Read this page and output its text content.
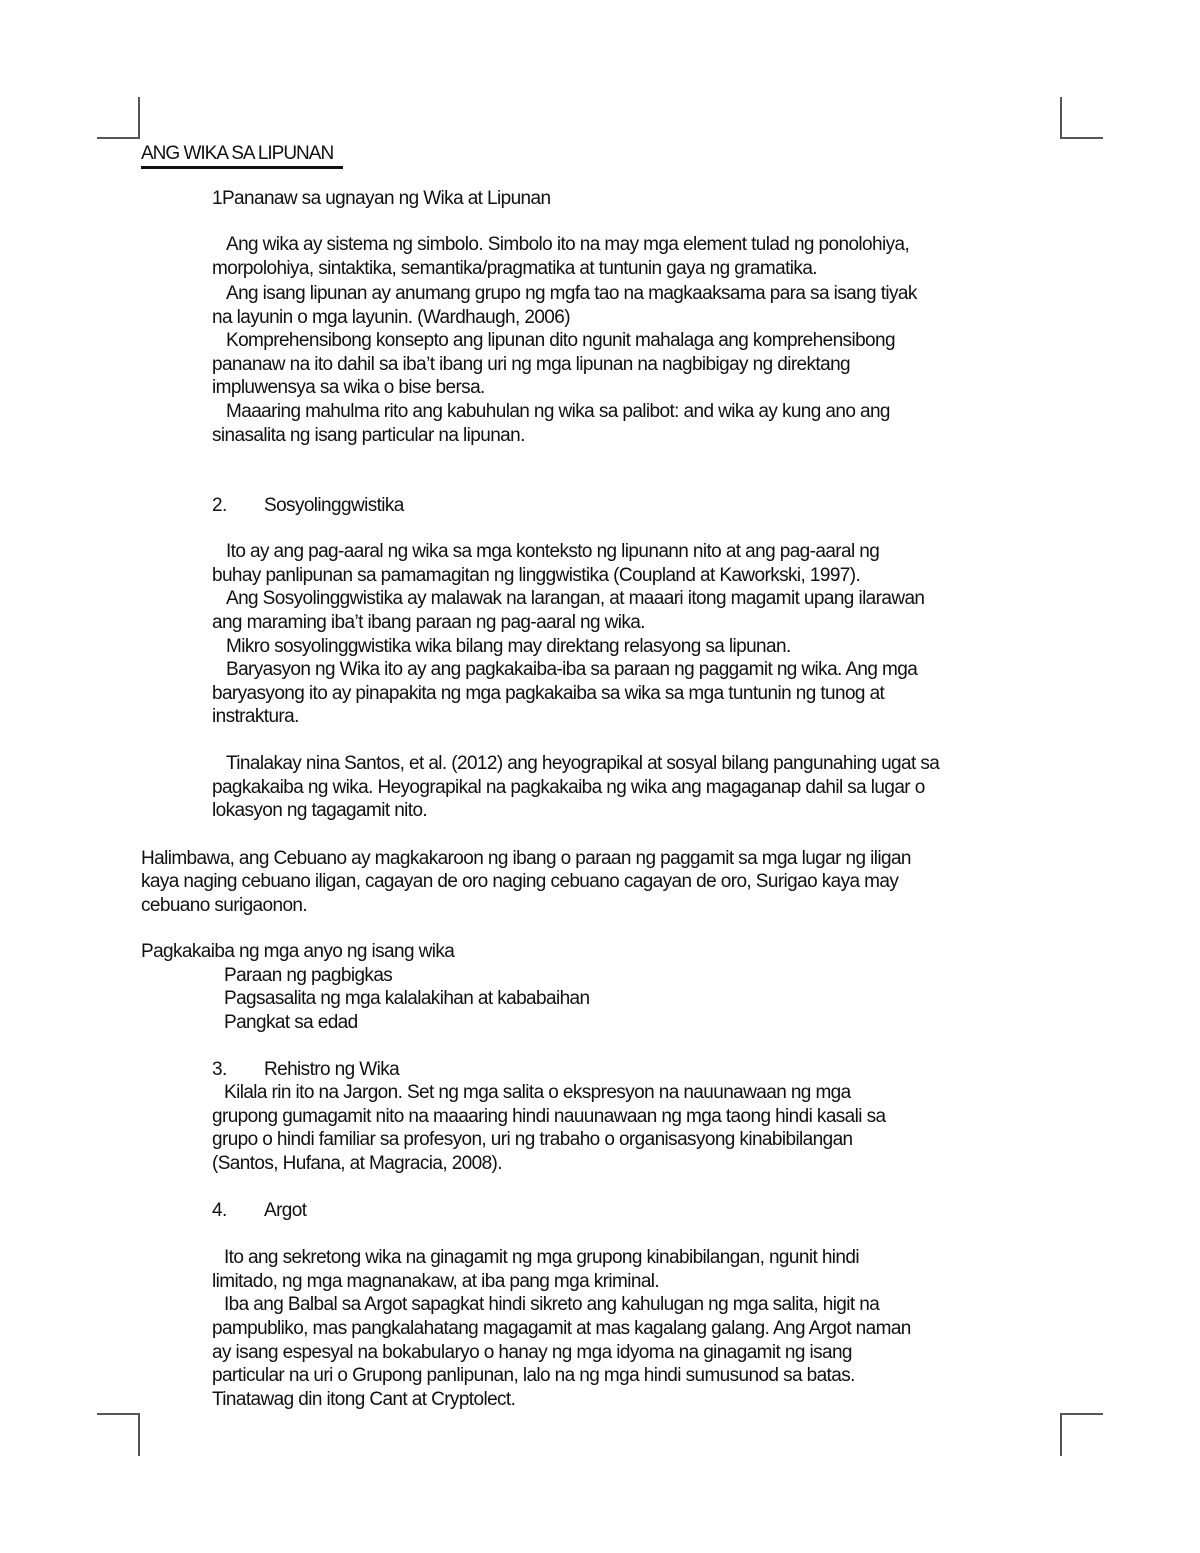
ANG WIKA SA LIPUNAN
1Pananaw sa ugnayan ng Wika at Lipunan
Ang wika ay sistema ng simbolo. Simbolo ito na may mga element tulad ng ponolohiya,
morpolohiya, sintaktika, semantika/pragmatika at tuntunin gaya ng gramatika.
Ang isang lipunan ay anumang grupo ng mgfa tao na magkaaksama para sa isang tiyak
na layunin o mga layunin. (Wardhaugh, 2006)
Komprehensibong konsepto ang lipunan dito ngunit mahalaga ang komprehensibong
pananaw na ito dahil sa iba’t ibang uri ng mga lipunan na nagbibigay ng direktang
impluwensya sa wika o bise bersa.
Maaaring mahulma rito ang kabuhulan ng wika sa palibot: and wika ay kung ano ang
sinasalita ng isang particular na lipunan.
2. Sosyolinggwistika
Ito ay ang pag-aaral ng wika sa mga konteksto ng lipunann nito at ang pag-aaral ng
buhay panlipunan sa pamamagitan ng linggwistika (Coupland at Kaworkski, 1997).
Ang Sosyolinggwistika ay malawak na larangan, at maaari itong magamit upang ilarawan
ang maraming iba’t ibang paraan ng pag-aaral ng wika.
Mikro sosyolinggwistika wika bilang may direktang relasyong sa lipunan.
Baryasyon ng Wika ito ay ang pagkakaiba-iba sa paraan ng paggamit ng wika. Ang mga
baryasyong ito ay pinapakita ng mga pagkakaiba sa wika sa mga tuntunin ng tunog at
instraktura.
Tinalakay nina Santos, et al. (2012) ang heyograpikal at sosyal bilang pangunahing ugat sa
pagkakaiba ng wika. Heyograpikal na pagkakaiba ng wika ang magaganap dahil sa lugar o
lokasyon ng tagagamit nito.
Halimbawa, ang Cebuano ay magkakaroon ng ibang o paraan ng paggamit sa mga lugar ng iligan
kaya naging cebuano iligan, cagayan de oro naging cebuano cagayan de oro, Surigao kaya may
cebuano surigaonon.
Pagkakaiba ng mga anyo ng isang wika
Paraan ng pagbigkas
Pagsasalita ng mga kalalakihan at kababaihan
Pangkat sa edad
3. Rehistro ng Wika
Kilala rin ito na Jargon. Set ng mga salita o ekspresyon na nauunawaan ng mga
grupong gumagamit nito na maaaring hindi nauunawaan ng mga taong hindi kasali sa
grupo o hindi familiar sa profesyon, uri ng trabaho o organisasyong kinabibilangan
(Santos, Hufana, at Magracia, 2008).
4. Argot
Ito ang sekretong wika na ginagamit ng mga grupong kinabibilangan, ngunit hindi
limitado, ng mga magnanakaw, at iba pang mga kriminal.
Iba ang Balbal sa Argot sapagkat hindi sikreto ang kahulugan ng mga salita, higit na
pampubliko, mas pangkalahatang magagamit at mas kagalang galang. Ang Argot naman
ay isang espesyal na bokabularyo o hanay ng mga idyoma na ginagamit ng isang
particular na uri o Grupong panlipunan, lalo na ng mga hindi sumusunod sa batas.
Tinatawag din itong Cant at Cryptolect.
